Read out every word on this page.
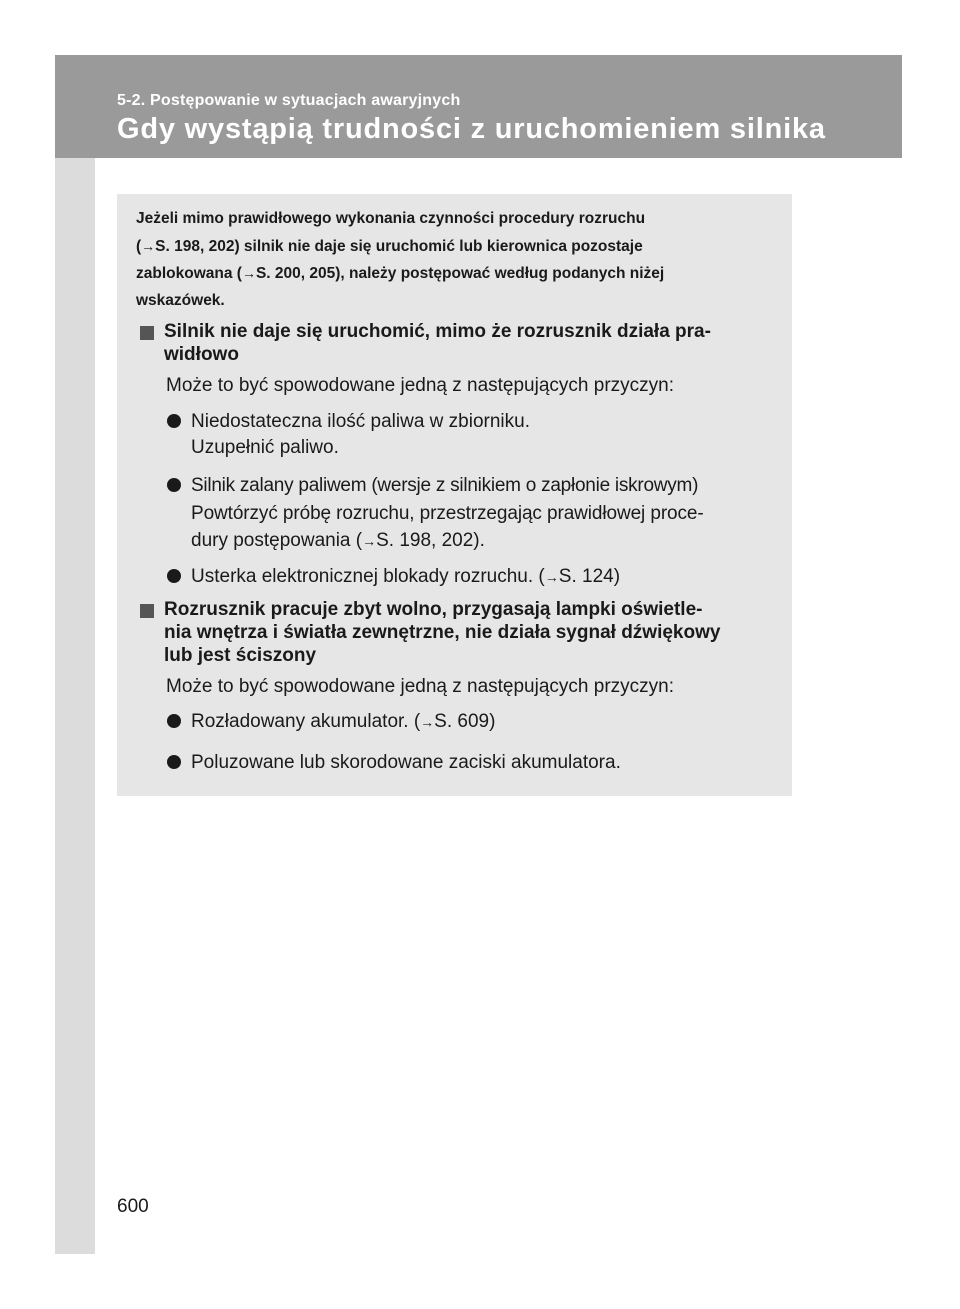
5-2. Postępowanie w sytuacjach awaryjnych
Gdy wystąpią trudności z uruchomieniem silnika
Jeżeli mimo prawidłowego wykonania czynności procedury rozruchu
(→S. 198, 202) silnik nie daje się uruchomić lub kierownica pozostaje
zablokowana (→S. 200, 205), należy postępować według podanych niżej
wskazówek.
Silnik nie daje się uruchomić, mimo że rozrusznik działa pra-
widłowo
Może to być spowodowane jedną z następujących przyczyn:
Niedostateczna ilość paliwa w zbiorniku.
Uzupełnić paliwo.
Silnik zalany paliwem (wersje z silnikiem o zapłonie iskrowym)
Powtórzyć próbę rozruchu, przestrzegając prawidłowej proce-
dury postępowania (→S. 198, 202).
Usterka elektronicznej blokady rozruchu. (→S. 124)
Rozrusznik pracuje zbyt wolno, przygasają lampki oświetle-
nia wnętrza i światła zewnętrzne, nie działa sygnał dźwiękowy
lub jest ściszony
Może to być spowodowane jedną z następujących przyczyn:
Rozładowany akumulator. (→S. 609)
Poluzowane lub skorodowane zaciski akumulatora.
600
